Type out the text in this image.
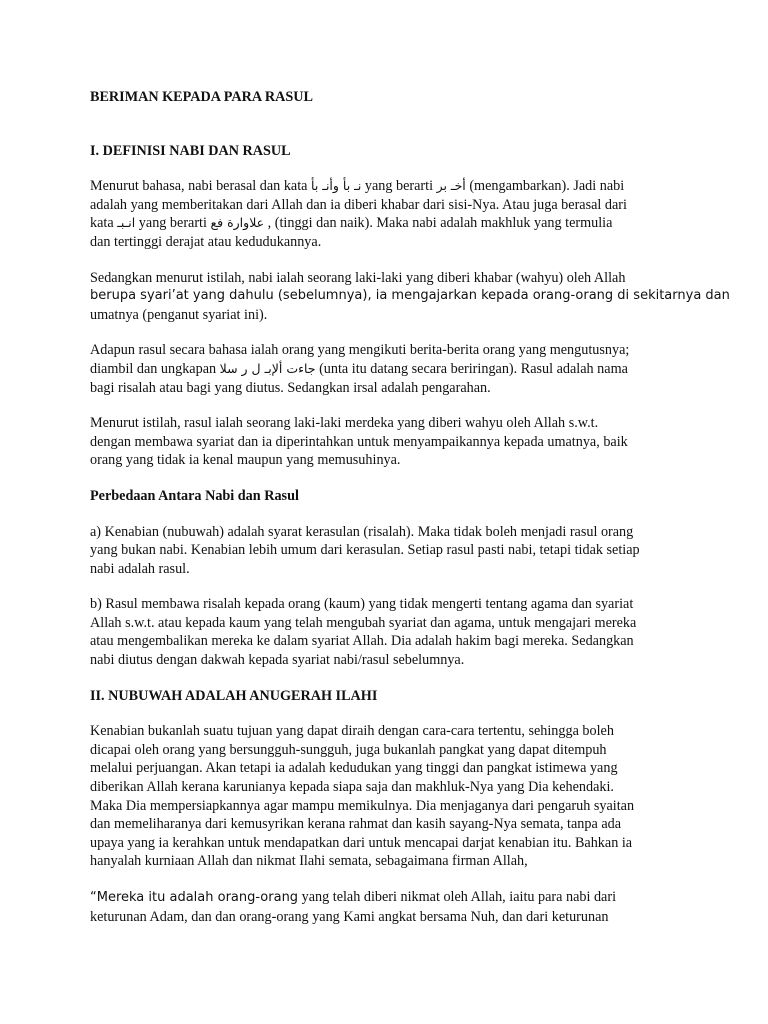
BERIMAN KEPADA PARA RASUL
I. DEFINISI NABI DAN RASUL
Menurut bahasa, nabi berasal dan kata نـ بأ وأنـ بأ yang berarti أخـ بر (mengambarkan). Jadi nabi
adalah yang memberitakan dari Allah dan ia diberi khabar dari sisi-Nya. Atau juga berasal dari
kata انـبـ yang berarti علاوارة فع , (tinggi dan naik). Maka nabi adalah makhluk yang termulia
dan tertinggi derajat atau kedudukannya.
Sedangkan menurut istilah, nabi ialah seorang laki-laki yang diberi khabar (wahyu) oleh Allah
berupa syari’at yang dahulu (sebelumnya), ia mengajarkan kepada orang-orang di sekitarnya dan
umatnya (penganut syariat ini).
Adapun rasul secara bahasa ialah orang yang mengikuti berita-berita orang yang mengutusnya;
diambil dan ungkapan جاءت ألإبـ ل ر سلا (unta itu datang secara beriringan). Rasul adalah nama
bagi risalah atau bagi yang diutus. Sedangkan irsal adalah pengarahan.
Menurut istilah, rasul ialah seorang laki-laki merdeka yang diberi wahyu oleh Allah s.w.t.
dengan membawa syariat dan ia diperintahkan untuk menyampaikannya kepada umatnya, baik
orang yang tidak ia kenal maupun yang memusuhinya.
Perbedaan Antara Nabi dan Rasul
a) Kenabian (nubuwah) adalah syarat kerasulan (risalah). Maka tidak boleh menjadi rasul orang
yang bukan nabi. Kenabian lebih umum dari kerasulan. Setiap rasul pasti nabi, tetapi tidak setiap
nabi adalah rasul.
b) Rasul membawa risalah kepada orang (kaum) yang tidak mengerti tentang agama dan syariat
Allah s.w.t. atau kepada kaum yang telah mengubah syariat dan agama, untuk mengajari mereka
atau mengembalikan mereka ke dalam syariat Allah. Dia adalah hakim bagi mereka. Sedangkan
nabi diutus dengan dakwah kepada syariat nabi/rasul sebelumnya.
II. NUBUWAH ADALAH ANUGERAH ILAHI
Kenabian bukanlah suatu tujuan yang dapat diraih dengan cara-cara tertentu, sehingga boleh
dicapai oleh orang yang bersungguh-sungguh, juga bukanlah pangkat yang dapat ditempuh
melalui perjuangan. Akan tetapi ia adalah kedudukan yang tinggi dan pangkat istimewa yang
diberikan Allah kerana karunianya kepada siapa saja dan makhluk-Nya yang Dia kehendaki.
Maka Dia mempersiapkannya agar mampu memikulnya. Dia menjaganya dari pengaruh syaitan
dan memeliharanya dari kemusyrikan kerana rahmat dan kasih sayang-Nya semata, tanpa ada
upaya yang ia kerahkan untuk mendapatkan dari untuk mencapai darjat kenabian itu. Bahkan ia
hanyalah kurniaan Allah dan nikmat Ilahi semata, sebagaimana firman Allah,
“Mereka itu adalah orang-orang yang telah diberi nikmat oleh Allah, iaitu para nabi dari
keturunan Adam, dan dan orang-orang yang Kami angkat bersama Nuh, dan dari keturunan
